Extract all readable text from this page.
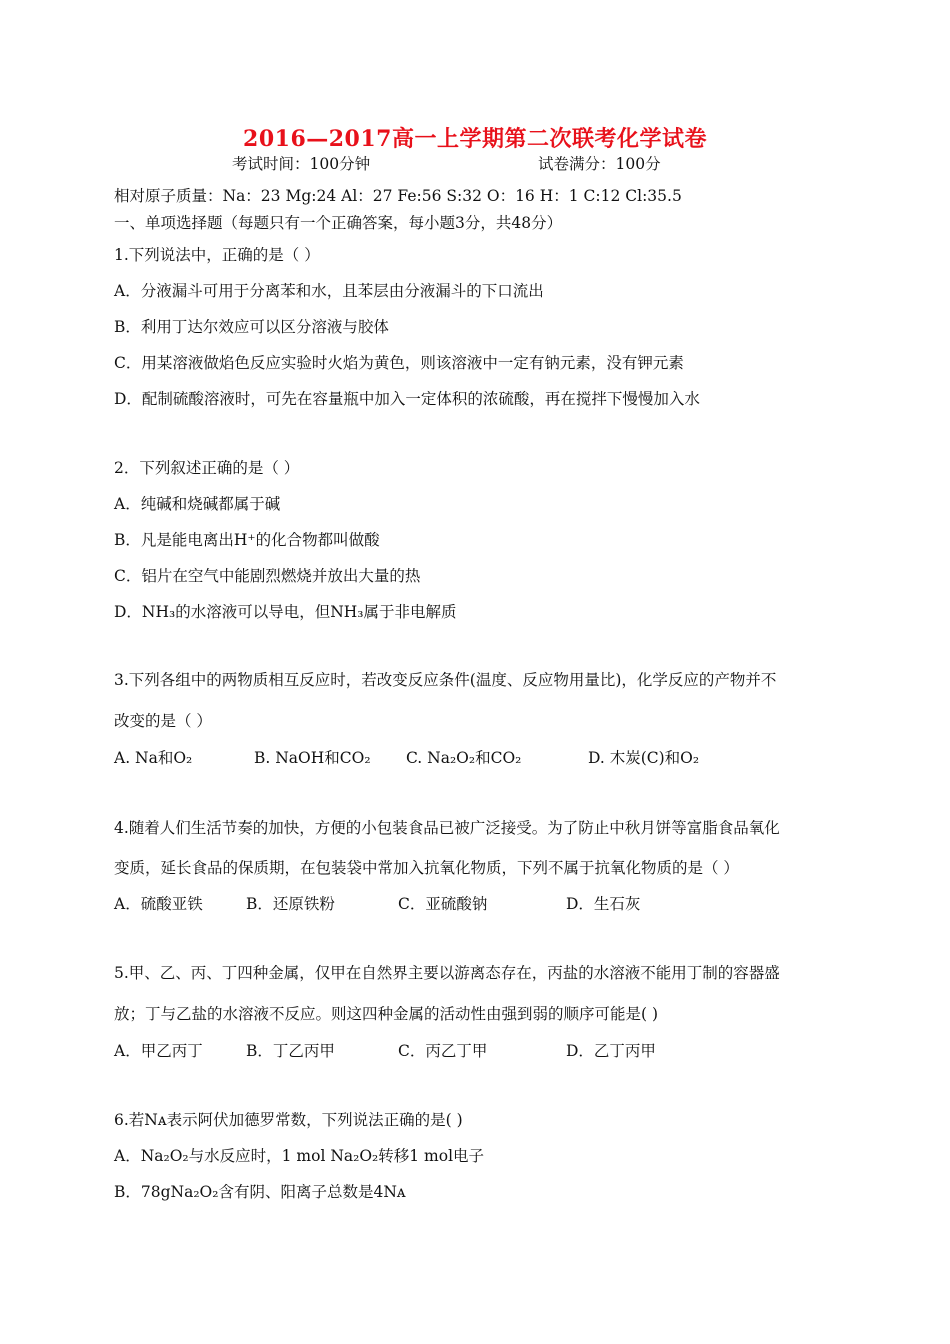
2016—2017高一上学期第二次联考化学试卷
考试时间：100分钟	试卷满分：100分
相对原子质量：Na：23 Mg:24 Al：27 Fe:56 S:32 O：16 H：1 C:12 Cl:35.5
一、单项选择题（每题只有一个正确答案，每小题3分，共48分）
1.下列说法中，正确的是（ ）
A．分液漏斗可用于分离苯和水，且苯层由分液漏斗的下口流出
B．利用丁达尔效应可以区分溶液与胶体
C．用某溶液做焰色反应实验时火焰为黄色，则该溶液中一定有钠元素，没有钾元素
D．配制硫酸溶液时，可先在容量瓶中加入一定体积的浓硫酸，再在搅拌下慢慢加入水
2．下列叙述正确的是（ ）
A．纯碱和烧碱都属于碱
B．凡是能电离出H⁺的化合物都叫做酸
C．铝片在空气中能剧烈燃烧并放出大量的热
D．NH₃的水溶液可以导电，但NH₃属于非电解质
3.下列各组中的两物质相互反应时，若改变反应条件(温度、反应物用量比)，化学反应的产物并不
改变的是（ ）
A. Na和O₂	B. NaOH和CO₂ C. Na₂O₂和CO₂	D. 木炭(C)和O₂
4.随着人们生活节奏的加快，方便的小包装食品已被广泛接受。为了防止中秋月饼等富脂食品氧化
变质，延长食品的保质期，在包装袋中常加入抗氧化物质，下列不属于抗氧化物质的是（ ）
A．硫酸亚铁	B．还原铁粉	C．亚硫酸钠	D．生石灰
5.甲、乙、丙、丁四种金属，仅甲在自然界主要以游离态存在，丙盐的水溶液不能用丁制的容器盛
放；丁与乙盐的水溶液不反应。则这四种金属的活动性由强到弱的顺序可能是( )
A．甲乙丙丁	B．丁乙丙甲	C．丙乙丁甲	D．乙丁丙甲
6.若Nᴀ表示阿伏加德罗常数，下列说法正确的是( )
A．Na₂O₂与水反应时，1 mol Na₂O₂转移1 mol电子
B．78gNa₂O₂含有阴、阳离子总数是4Nᴀ
